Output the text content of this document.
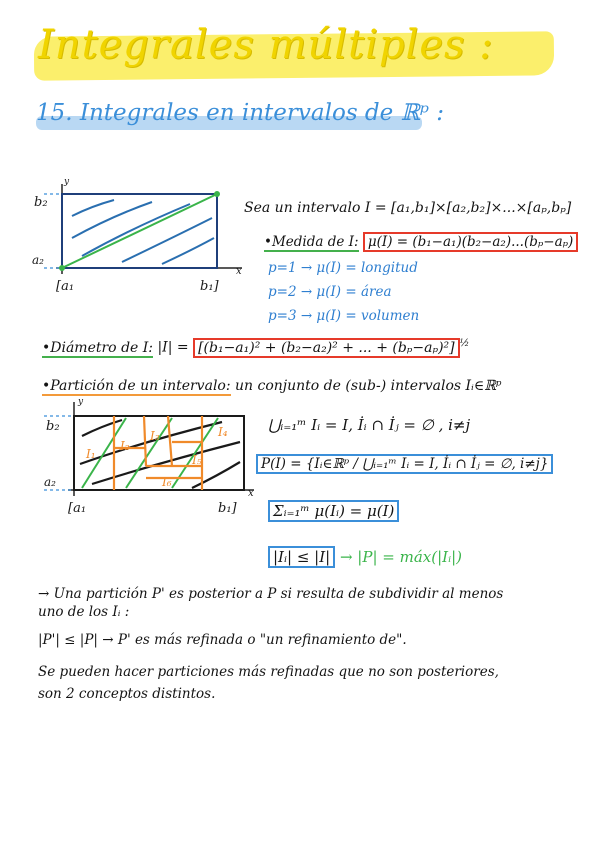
Integrales múltiples :
15. Integrales en intervalos de ℝᵖ :
b₂
a₂
y
x
[a₁	b₁]
Sea un intervalo I = [a₁,b₁]×[a₂,b₂]×...×[aₚ,bₚ]
•Medida de I: μ(I) = (b₁−a₁)(b₂−a₂)...(bₚ−aₚ)
p=1 → μ(I) = longitud
p=2 → μ(I) = área
p=3 → μ(I) = volumen
•Diámetro de I: |I| = [(b₁−a₁)² + (b₂−a₂)² + ... + (bₚ−aₚ)²] $^{\frac{1}{2}}$
•Partición de un intervalo: un conjunto de (sub-) intervalos Iᵢ∈ℝᵖ
I₁
I₂
I₃	I₄
I₅
I₆
b₂
a₂
y
x
[a₁	b₁]
⋃ᵢ₌₁ᵐ Iᵢ = I, İᵢ ∩ İⱼ = ∅ , i≠j
P(I) = {Iᵢ∈ℝᵖ / ⋃ᵢ₌₁ᵐ Iᵢ = I, İᵢ ∩ İⱼ = ∅, i≠j}
Σᵢ₌₁ᵐ μ(Iᵢ) = μ(I)
|Iᵢ| ≤ |I| → |P| = máx(|Iᵢ|)
→ Una partición P' es posterior a P si resulta de subdividir al menos
uno de los Iᵢ :
|P'| ≤ |P| → P' es más refinada o "un refinamiento de".
Se pueden hacer particiones más refinadas que no son posteriores,
son 2 conceptos distintos.
